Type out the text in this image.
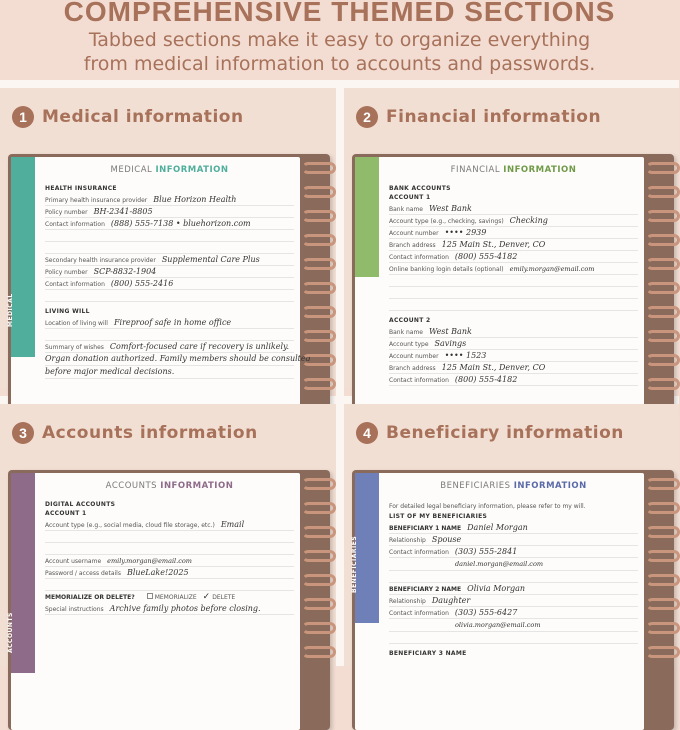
COMPREHENSIVE THEMED SECTIONS
Tabbed sections make it easy to organize everything
from medical information to accounts and passwords.
1 Medical information
MEDICAL
MEDICAL INFORMATION
HEALTH INSURANCE
Primary health insurance provider Blue Horizon Health
Policy number BH-2341-8805
Contact information (888) 555-7138 • bluehorizon.com
Secondary health insurance provider Supplemental Care Plus
Policy number SCP-8832-1904
Contact information (800) 555-2416
LIVING WILL
Location of living will Fireproof safe in home office
Summary of wishes Comfort-focused care if recovery is unlikely.
Organ donation authorized. Family members should be consulted
before major medical decisions.
2 Financial information
FINANCIAL INFORMATION
BANK ACCOUNTS
ACCOUNT 1
Bank name West Bank
Account type (e.g., checking, savings) Checking
Account number •••• 2939
Branch address 125 Main St., Denver, CO
Contact information (800) 555-4182
Online banking login details (optional) emily.morgan@email.com
ACCOUNT 2
Bank name West Bank
Account type Savings
Account number •••• 1523
Branch address 125 Main St., Denver, CO
Contact information (800) 555-4182
3 Accounts information
ACCOUNTS
ACCOUNTS INFORMATION
DIGITAL ACCOUNTS
ACCOUNT 1
Account type (e.g., social media, cloud file storage, etc.) Email
Account username emily.morgan@email.com
Password / access details BlueLake!2025
MEMORIALIZE OR DELETE?	MEMORIALIZE ✓ DELETE
Special instructions Archive family photos before closing.
4 Beneficiary information
BENEFICIARIES
BENEFICIARIES INFORMATION
For detailed legal beneficiary information, please refer to my will.
LIST OF MY BENEFICIARIES
BENEFICIARY 1 NAME Daniel Morgan
Relationship Spouse
Contact information (303) 555-2841
daniel.morgan@email.com
BENEFICIARY 2 NAME Olivia Morgan
Relationship Daughter
Contact information (303) 555-6427
olivia.morgan@email.com
BENEFICIARY 3 NAME
